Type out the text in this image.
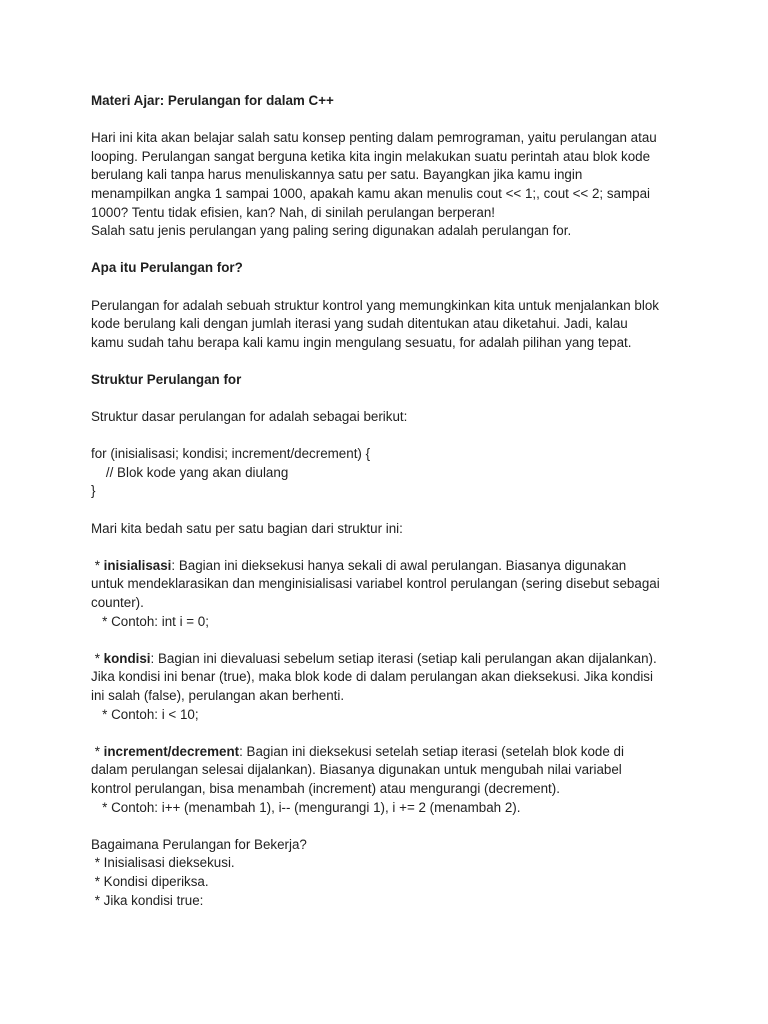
Materi Ajar: Perulangan for dalam C++
Hari ini kita akan belajar salah satu konsep penting dalam pemrograman, yaitu perulangan atau
looping. Perulangan sangat berguna ketika kita ingin melakukan suatu perintah atau blok kode
berulang kali tanpa harus menuliskannya satu per satu. Bayangkan jika kamu ingin
menampilkan angka 1 sampai 1000, apakah kamu akan menulis cout << 1;, cout << 2; sampai
1000? Tentu tidak efisien, kan? Nah, di sinilah perulangan berperan!
Salah satu jenis perulangan yang paling sering digunakan adalah perulangan for.
Apa itu Perulangan for?
Perulangan for adalah sebuah struktur kontrol yang memungkinkan kita untuk menjalankan blok
kode berulang kali dengan jumlah iterasi yang sudah ditentukan atau diketahui. Jadi, kalau
kamu sudah tahu berapa kali kamu ingin mengulang sesuatu, for adalah pilihan yang tepat.
Struktur Perulangan for
Struktur dasar perulangan for adalah sebagai berikut:
for (inisialisasi; kondisi; increment/decrement) {
// Blok kode yang akan diulang
}
Mari kita bedah satu per satu bagian dari struktur ini:
* inisialisasi: Bagian ini dieksekusi hanya sekali di awal perulangan. Biasanya digunakan
untuk mendeklarasikan dan menginisialisasi variabel kontrol perulangan (sering disebut sebagai
counter).
* Contoh: int i = 0;
* kondisi: Bagian ini dievaluasi sebelum setiap iterasi (setiap kali perulangan akan dijalankan).
Jika kondisi ini benar (true), maka blok kode di dalam perulangan akan dieksekusi. Jika kondisi
ini salah (false), perulangan akan berhenti.
* Contoh: i < 10;
* increment/decrement: Bagian ini dieksekusi setelah setiap iterasi (setelah blok kode di
dalam perulangan selesai dijalankan). Biasanya digunakan untuk mengubah nilai variabel
kontrol perulangan, bisa menambah (increment) atau mengurangi (decrement).
* Contoh: i++ (menambah 1), i-- (mengurangi 1), i += 2 (menambah 2).
Bagaimana Perulangan for Bekerja?
* Inisialisasi dieksekusi.
* Kondisi diperiksa.
* Jika kondisi true:
